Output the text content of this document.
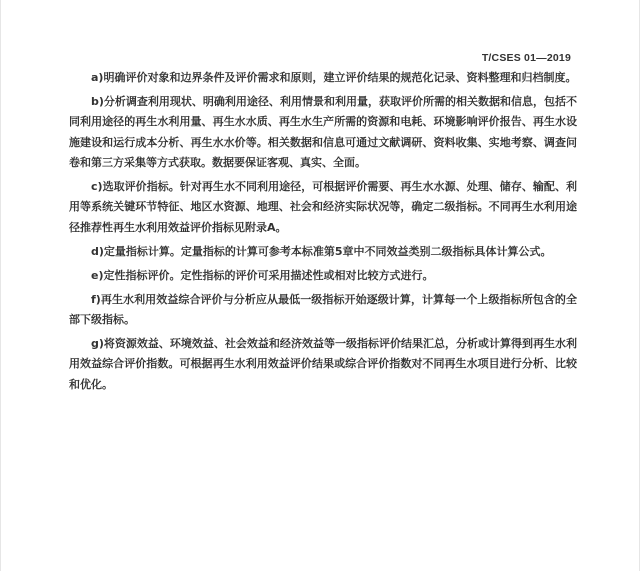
T/CSES 01—2019

a)明确评价对象和边界条件及评价需求和原则，建立评价结果的规范化记录、资料整理和归档制度。

b)分析调查利用现状、明确利用途径、利用情景和利用量，获取评价所需的相关数据和信息，包括不同利用途径的再生水利用量、再生水水质、再生水生产所需的资源和电耗、环境影响评价报告、再生水设施建设和运行成本分析、再生水水价等。相关数据和信息可通过文献调研、资料收集、实地考察、调查问卷和第三方采集等方式获取。数据要保证客观、真实、全面。

c)选取评价指标。针对再生水不同利用途径，可根据评价需要、再生水水源、处理、储存、输配、利用等系统关键环节特征、地区水资源、地理、社会和经济实际状况等，确定二级指标。不同再生水利用途径推荐性再生水利用效益评价指标见附录A。

d)定量指标计算。定量指标的计算可参考本标准第5章中不同效益类别二级指标具体计算公式。

e)定性指标评价。定性指标的评价可采用描述性或相对比较方式进行。

f)再生水利用效益综合评价与分析应从最低一级指标开始逐级计算，计算每一个上级指标所包含的全部下级指标。

g)将资源效益、环境效益、社会效益和经济效益等一级指标评价结果汇总，分析或计算得到再生水利用效益综合评价指数。可根据再生水利用效益评价结果或综合评价指数对不同再生水项目进行分析、比较和优化。
